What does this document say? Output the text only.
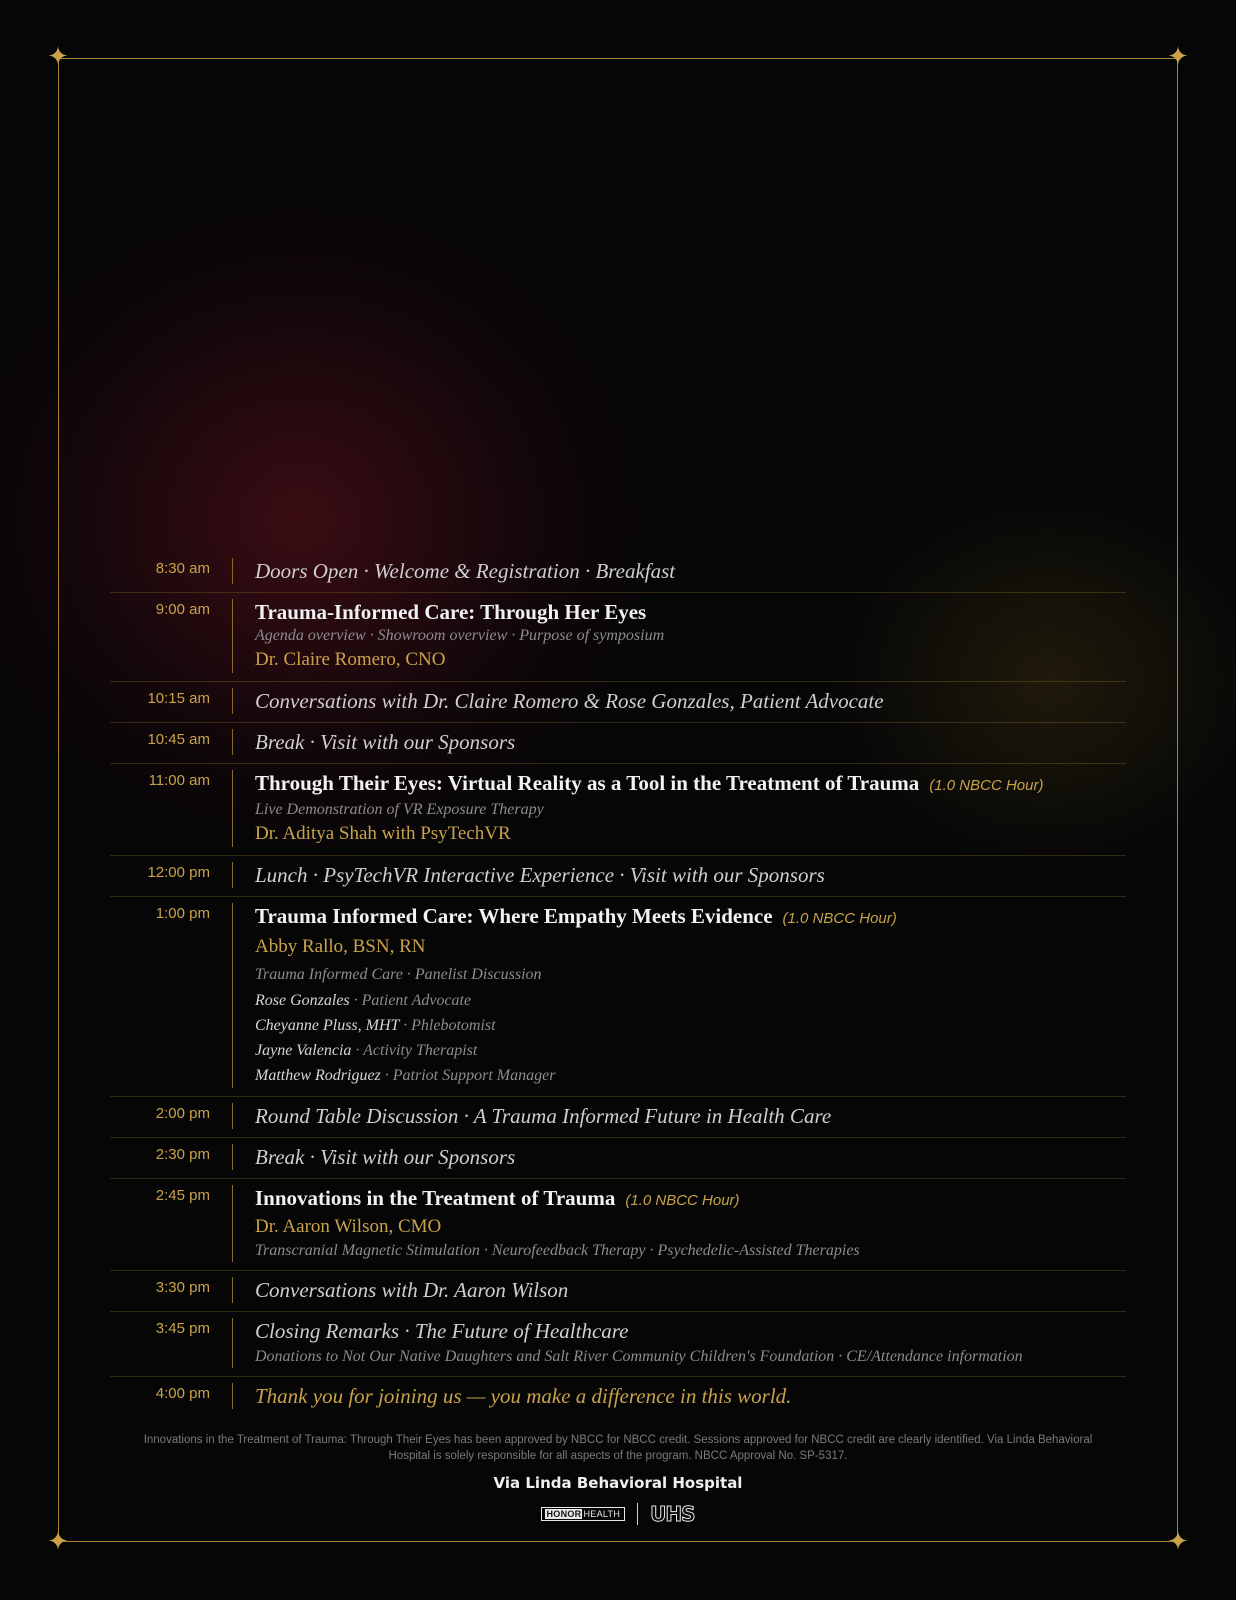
✦	✦
✦	✦
8:30 am	Doors Open · Welcome & Registration · Breakfast
9:00 am	Trauma-Informed Care: Through Her Eyes
Agenda overview · Showroom overview · Purpose of symposium
Dr. Claire Romero, CNO
10:15 am	Conversations with Dr. Claire Romero & Rose Gonzales, Patient Advocate
10:45 am	Break · Visit with our Sponsors
11:00 am	Through Their Eyes: Virtual Reality as a Tool in the Treatment of Trauma (1.0 NBCC Hour)
Live Demonstration of VR Exposure Therapy
Dr. Aditya Shah with PsyTechVR
12:00 pm	Lunch · PsyTechVR Interactive Experience · Visit with our Sponsors
1:00 pm	Trauma Informed Care: Where Empathy Meets Evidence (1.0 NBCC Hour)
Abby Rallo, BSN, RN
Trauma Informed Care · Panelist Discussion
Rose Gonzales · Patient Advocate
Cheyanne Pluss, MHT · Phlebotomist
Jayne Valencia · Activity Therapist
Matthew Rodriguez · Patriot Support Manager
2:00 pm	Round Table Discussion · A Trauma Informed Future in Health Care
2:30 pm	Break · Visit with our Sponsors
2:45 pm	Innovations in the Treatment of Trauma (1.0 NBCC Hour)
Dr. Aaron Wilson, CMO
Transcranial Magnetic Stimulation · Neurofeedback Therapy · Psychedelic-Assisted Therapies
3:30 pm	Conversations with Dr. Aaron Wilson
3:45 pm	Closing Remarks · The Future of Healthcare
Donations to Not Our Native Daughters and Salt River Community Children's Foundation · CE/Attendance information
4:00 pm	Thank you for joining us — you make a difference in this world.
Innovations in the Treatment of Trauma: Through Their Eyes has been approved by NBCC for NBCC credit. Sessions approved for NBCC credit are clearly identified. Via Linda Behavioral Hospital is solely responsible for all aspects of the program. NBCC Approval No. SP-5317.
Via Linda Behavioral Hospital
HONOR HEALTH UHS
